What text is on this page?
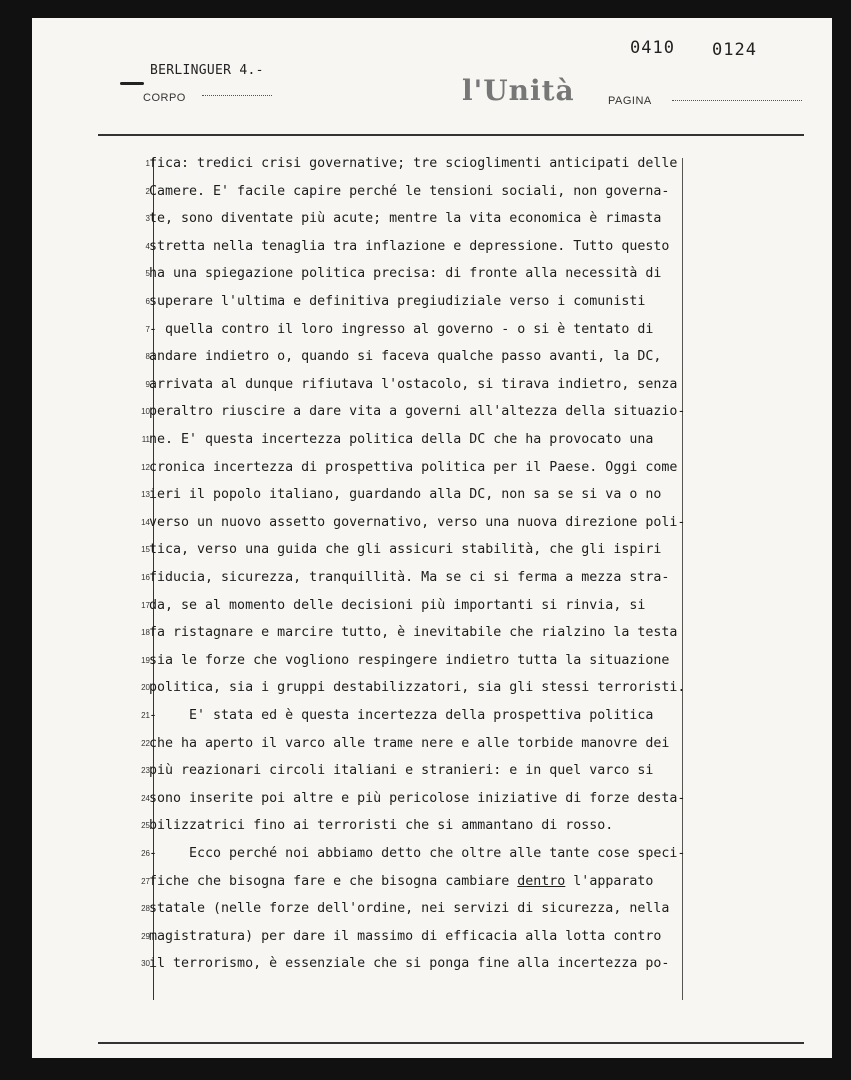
0410 0124
BERLINGUER 4.-
CORPO	l'Unità	PAGINA
1 fica: tredici crisi governative; tre scioglimenti anticipati delle
2 Camere. E' facile capire perché le tensioni sociali, non governa-
3 te, sono diventate più acute; mentre la vita economica è rimasta
4 stretta nella tenaglia tra inflazione e depressione. Tutto questo
5 ha una spiegazione politica precisa: di fronte alla necessità di
6 superare l'ultima e definitiva pregiudiziale verso i comunisti
7 - quella contro il loro ingresso al governo - o si è tentato di
8 andare indietro o, quando si faceva qualche passo avanti, la DC,
9 arrivata al dunque rifiutava l'ostacolo, si tirava indietro, senza
10 peraltro riuscire a dare vita a governi all'altezza della situazio-
11 ne. E' questa incertezza politica della DC che ha provocato una
12 cronica incertezza di prospettiva politica per il Paese. Oggi come
13 ieri il popolo italiano, guardando alla DC, non sa se si va o no
14 verso un nuovo assetto governativo, verso una nuova direzione poli-
15 tica, verso una guida che gli assicuri stabilità, che gli ispiri
16 fiducia, sicurezza, tranquillità. Ma se ci si ferma a mezza stra-
17 da, se al momento delle decisioni più importanti si rinvia, si
18 fa ristagnare e marcire tutto, è inevitabile che rialzino la testa
19 sia le forze che vogliono respingere indietro tutta la situazione
20 politica, sia i gruppi destabilizzatori, sia gli stessi terroristi.
21 -    E' stata ed è questa incertezza della prospettiva politica
22 che ha aperto il varco alle trame nere e alle torbide manovre dei
23 più reazionari circoli italiani e stranieri: e in quel varco si
24 sono inserite poi altre e più pericolose iniziative di forze desta-
25 bilizzatrici fino ai terroristi che si ammantano di rosso.
26 -    Ecco perché noi abbiamo detto che oltre alle tante cose speci-
27 fiche che bisogna fare e che bisogna cambiare dentro l'apparato
28 statale (nelle forze dell'ordine, nei servizi di sicurezza, nella
29 magistratura) per dare il massimo di efficacia alla lotta contro
30 il terrorismo, è essenziale che si ponga fine alla incertezza po-
